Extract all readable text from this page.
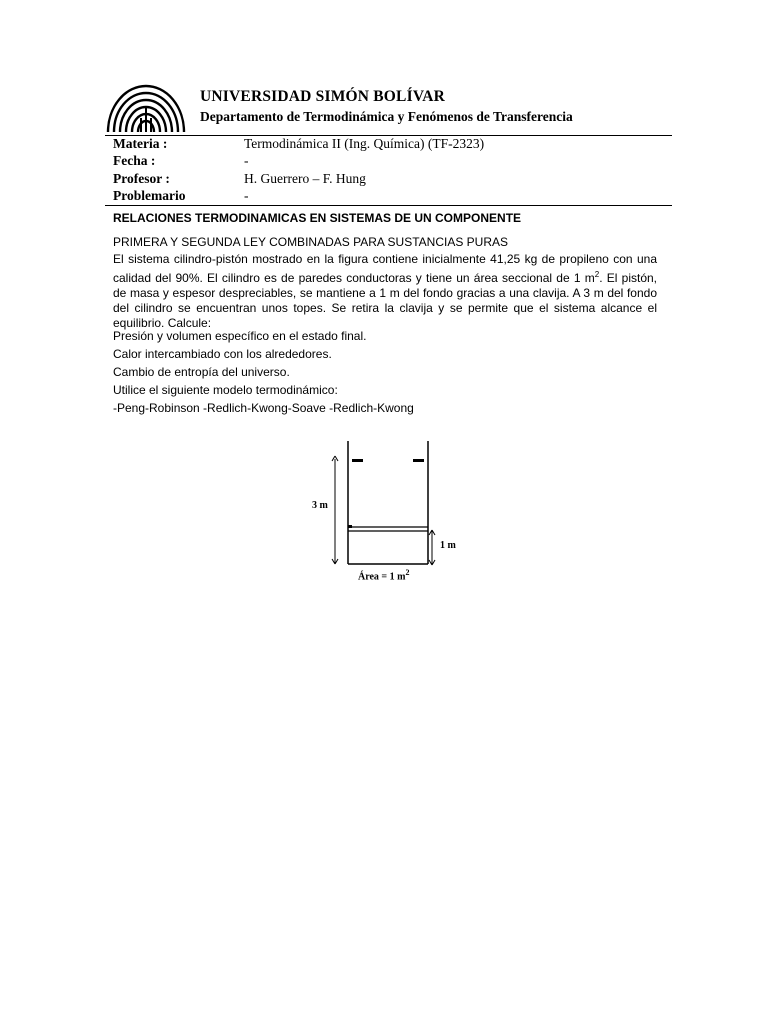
UNIVERSIDAD SIMÓN BOLÍVAR
Departamento de Termodinámica y Fenómenos de Transferencia
Materia :	Termodinámica II (Ing. Química) (TF-2323)
Fecha :	-
Profesor :	H. Guerrero – F. Hung
Problemario	-
RELACIONES TERMODINAMICAS EN SISTEMAS DE UN COMPONENTE
PRIMERA Y SEGUNDA LEY COMBINADAS PARA SUSTANCIAS PURAS
El sistema cilindro-pistón mostrado en la figura contiene inicialmente 41,25 kg de propileno con una calidad del 90%. El cilindro es de paredes conductoras y tiene un área seccional de 1 $m^2$. El pistón, de masa y espesor despreciables, se mantiene a 1 m del fondo gracias a una clavija. A 3 m del fondo del cilindro se encuentran unos topes. Se retira la clavija y se permite que el sistema alcance el equilibrio. Calcule:
Presión y volumen específico en el estado final.
Calor intercambiado con los alrededores.
Cambio de entropía del universo.
Utilice el siguiente modelo termodinámico:
-Peng-Robinson -Redlich-Kwong-Soave -Redlich-Kwong
3 m
1 m
Área = 1 $m^2$
